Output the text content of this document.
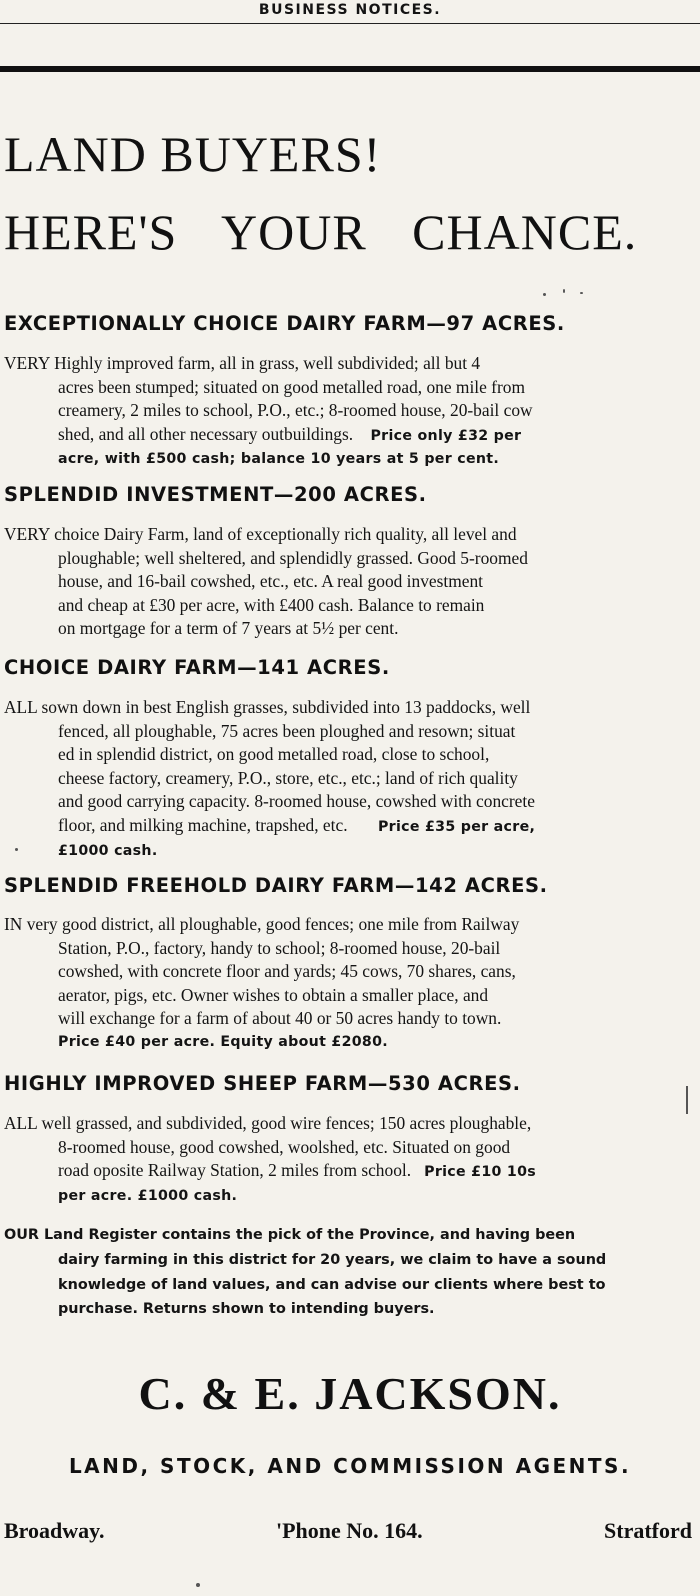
BUSINESS NOTICES.
LAND BUYERS!
HERE'S YOUR CHANCE.
EXCEPTIONALLY CHOICE DAIRY FARM—97 ACRES.
VERY Highly improved farm, all in grass, well subdivided; all but 4
acres been stumped; situated on good metalled road, one mile from
creamery, 2 miles to school, P.O., etc.; 8-roomed house, 20-bail cow
shed, and all other necessary outbuildings. Price only £32 per
acre, with £500 cash; balance 10 years at 5 per cent.
SPLENDID INVESTMENT—200 ACRES.
VERY choice Dairy Farm, land of exceptionally rich quality, all level and
ploughable; well sheltered, and splendidly grassed. Good 5-roomed
house, and 16-bail cowshed, etc., etc. A real good investment
and cheap at £30 per acre, with £400 cash. Balance to remain
on mortgage for a term of 7 years at 5½ per cent.
CHOICE DAIRY FARM—141 ACRES.
ALL sown down in best English grasses, subdivided into 13 paddocks, well
fenced, all ploughable, 75 acres been ploughed and resown; situat
ed in splendid district, on good metalled road, close to school,
cheese factory, creamery, P.O., store, etc., etc.; land of rich quality
and good carrying capacity. 8-roomed house, cowshed with concrete
floor, and milking machine, trapshed, etc. Price £35 per acre,
£1000 cash.
SPLENDID FREEHOLD DAIRY FARM—142 ACRES.
IN very good district, all ploughable, good fences; one mile from Railway
Station, P.O., factory, handy to school; 8-roomed house, 20-bail
cowshed, with concrete floor and yards; 45 cows, 70 shares, cans,
aerator, pigs, etc. Owner wishes to obtain a smaller place, and
will exchange for a farm of about 40 or 50 acres handy to town.
Price £40 per acre. Equity about £2080.
HIGHLY IMPROVED SHEEP FARM—530 ACRES.
ALL well grassed, and subdivided, good wire fences; 150 acres ploughable,
8-roomed house, good cowshed, woolshed, etc. Situated on good
road oposite Railway Station, 2 miles from school. Price £10 10s
per acre. £1000 cash.
OUR Land Register contains the pick of the Province, and having been
dairy farming in this district for 20 years, we claim to have a sound
knowledge of land values, and can advise our clients where best to
purchase. Returns shown to intending buyers.
C. & E. JACKSON.
LAND, STOCK, AND COMMISSION AGENTS.
Broadway.	'Phone No. 164.	Stratford
